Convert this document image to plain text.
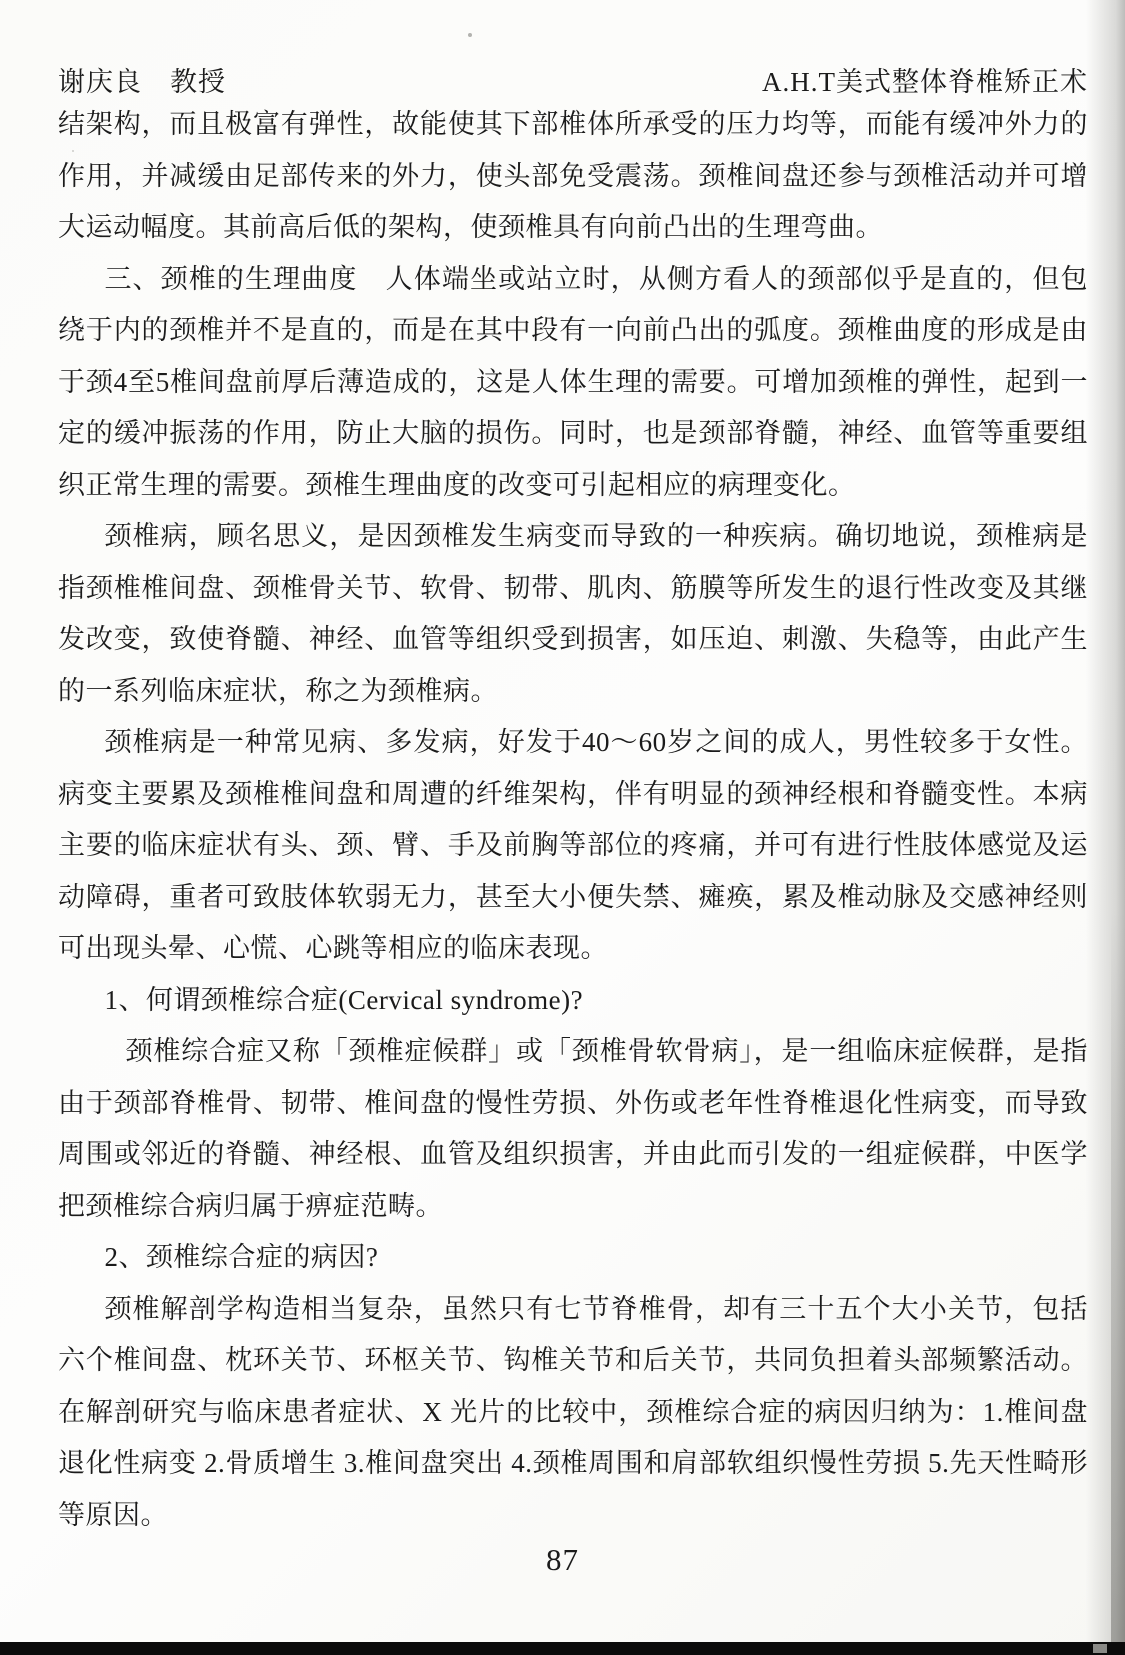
谢庆良　教授	A.H.T美式整体脊椎矫正术

结架构，而且极富有弹性，故能使其下部椎体所承受的压力均等，而能有缓冲外力的作用，并减缓由足部传来的外力，使头部免受震荡。颈椎间盘还参与颈椎活动并可增大运动幅度。其前高后低的架构，使颈椎具有向前凸出的生理弯曲。

三、颈椎的生理曲度　人体端坐或站立时，从侧方看人的颈部似乎是直的，但包绕于内的颈椎并不是直的，而是在其中段有一向前凸出的弧度。颈椎曲度的形成是由于颈4至5椎间盘前厚后薄造成的，这是人体生理的需要。可增加颈椎的弹性，起到一定的缓冲振荡的作用，防止大脑的损伤。同时，也是颈部脊髓，神经、血管等重要组织正常生理的需要。颈椎生理曲度的改变可引起相应的病理变化。

颈椎病，顾名思义，是因颈椎发生病变而导致的一种疾病。确切地说，颈椎病是指颈椎椎间盘、颈椎骨关节、软骨、韧带、肌肉、筋膜等所发生的退行性改变及其继发改变，致使脊髓、神经、血管等组织受到损害，如压迫、刺激、失稳等，由此产生的一系列临床症状，称之为颈椎病。

颈椎病是一种常见病、多发病，好发于40～60岁之间的成人，男性较多于女性。病变主要累及颈椎椎间盘和周遭的纤维架构，伴有明显的颈神经根和脊髓变性。本病主要的临床症状有头、颈、臂、手及前胸等部位的疼痛，并可有进行性肢体感觉及运动障碍，重者可致肢体软弱无力，甚至大小便失禁、瘫痪，累及椎动脉及交感神经则可出现头晕、心慌、心跳等相应的临床表现。

1、何谓颈椎综合症(Cervical syndrome)?

颈椎综合症又称「颈椎症候群」或「颈椎骨软骨病」，是一组临床症候群，是指由于颈部脊椎骨、韧带、椎间盘的慢性劳损、外伤或老年性脊椎退化性病变，而导致周围或邻近的脊髓、神经根、血管及组织损害，并由此而引发的一组症候群，中医学把颈椎综合病归属于痹症范畴。

2、颈椎综合症的病因?

颈椎解剖学构造相当复杂，虽然只有七节脊椎骨，却有三十五个大小关节，包括六个椎间盘、枕环关节、环枢关节、钩椎关节和后关节，共同负担着头部频繁活动。在解剖研究与临床患者症状、X 光片的比较中，颈椎综合症的病因归纳为：1.椎间盘退化性病变 2.骨质增生 3.椎间盘突出 4.颈椎周围和肩部软组织慢性劳损 5.先天性畸形等原因。

87
